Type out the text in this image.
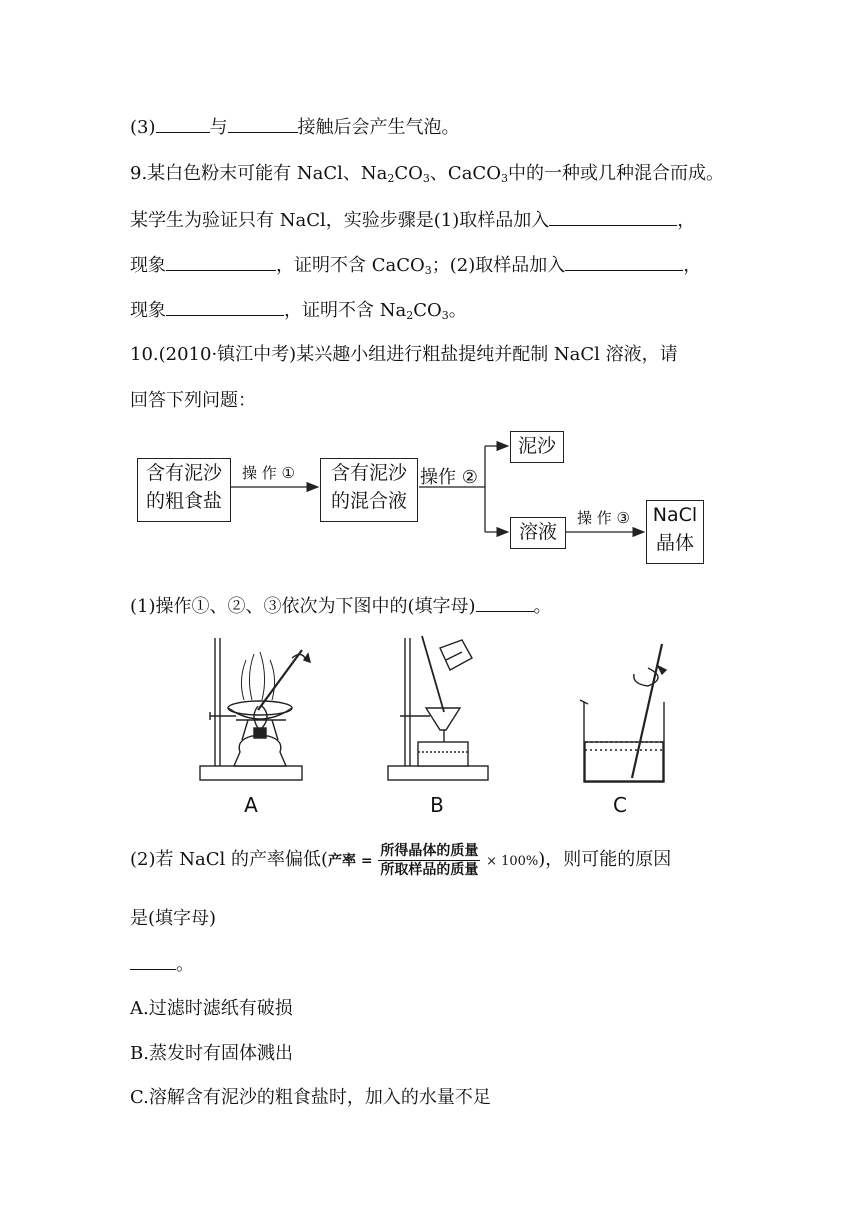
(3)	与	接触后会产生气泡。
9.某白色粉末可能有 NaCl、$Na_2CO_3$、CaCO$_3$中的一种或几种混合而成。
某学生为验证只有 NaCl，实验步骤是(1)取样品加入	，
现象	，证明不含 CaCO$_3$；(2)取样品加入	，
现象	，证明不含 $Na_2CO_3$。
10.(2010·镇江中考)某兴趣小组进行粗盐提纯并配制 NaCl 溶液，请
回答下列问题：
含有泥沙
的粗食盐
操 作 ①	含有泥沙
的混合液
操作 ②
泥沙
溶液
操 作 ③	NaCl
晶体
(1)操作①、②、③依次为下图中的(填字母)	。
A	B	C
(2)若 NaCl 的产率偏低(产率 = $\frac{\text{所得晶体的质量}}{\text{所取样品的质量}} \times 100\%$)，则可能的原因
是(填字母)
。
A.过滤时滤纸有破损
B.蒸发时有固体溅出
C.溶解含有泥沙的粗食盐时，加入的水量不足
